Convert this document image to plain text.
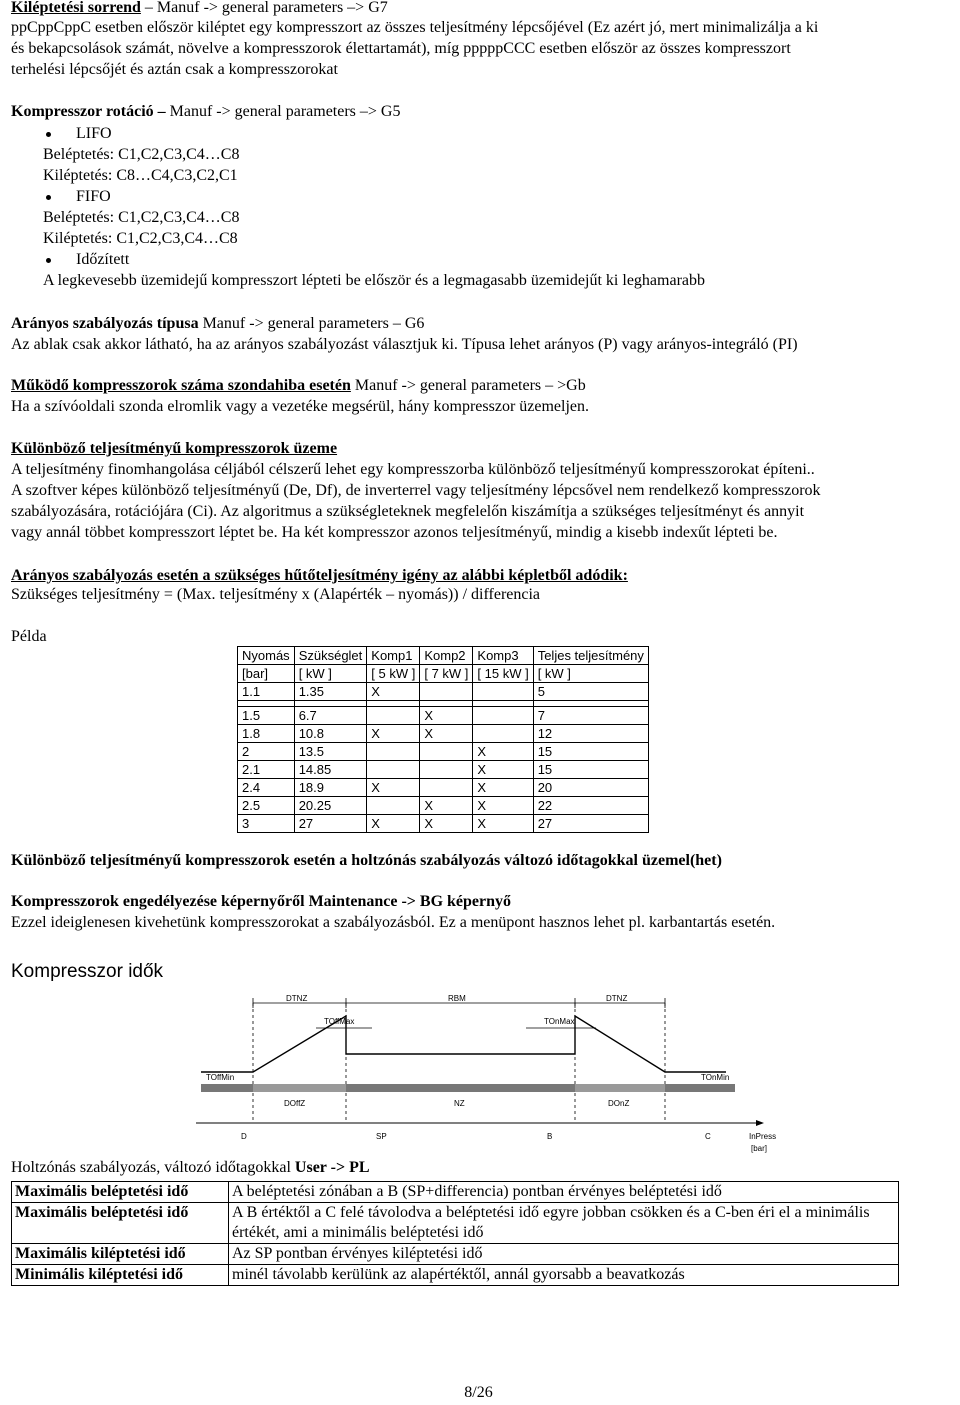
Kiléptetési sorrend – Manuf -> general parameters –> G7
ppCppCppC esetben először kiléptet egy kompresszort az összes teljesítmény lépcsőjével (Ez azért jó, mert minimalizálja a ki
és bekapcsolások számát, növelve a kompresszorok élettartamát), míg pppppCCC esetben először az összes kompresszort
terhelési lépcsőjét és aztán csak a kompresszorokat
Kompresszor rotáció – Manuf -> general parameters –> G5
LIFO
Beléptetés: C1,C2,C3,C4…C8
Kiléptetés: C8…C4,C3,C2,C1
FIFO
Beléptetés: C1,C2,C3,C4…C8
Kiléptetés: C1,C2,C3,C4…C8
Időzített
A legkevesebb üzemidejű kompresszort lépteti be először és a legmagasabb üzemidejűt ki leghamarabb
Arányos szabályozás típusa Manuf -> general parameters – G6
Az ablak csak akkor látható, ha az arányos szabályozást választjuk ki. Típusa lehet arányos (P) vagy arányos-integráló (PI)
Működő kompresszorok száma szondahiba esetén Manuf -> general parameters – >Gb
Ha a szívóoldali szonda elromlik vagy a vezetéke megsérül, hány kompresszor üzemeljen.
Különböző teljesítményű kompresszorok üzeme
A teljesítmény finomhangolása céljából célszerű lehet egy kompresszorba különböző teljesítményű kompresszorokat építeni..
A szoftver képes különböző teljesítményű (De, Df), de inverterrel vagy teljesítmény lépcsővel nem rendelkező kompresszorok
szabályozására, rotációjára (Ci). Az algoritmus a szükségleteknek megfelelőn kiszámítja a szükséges teljesítményt és annyit
vagy annál többet kompresszort léptet be. Ha két kompresszor azonos teljesítményű, mindig a kisebb indexűt lépteti be.
Arányos szabályozás esetén a szükséges hűtőteljesítmény igény az alábbi képletből adódik:
Szükséges teljesítmény = (Max. teljesítmény x (Alapérték – nyomás)) / differencia
Példa
Nyomás	Szükséglet	Komp1	Komp2	Komp3	Teljes teljesítmény
[bar]	[ kW ]	[ 5 kW ]	[ 7 kW ]	[ 15 kW ]	[ kW ]
1.1	1.35	X			5

1.5	6.7		X		7
1.8	10.8	X	X		12
2	13.5			X	15
2.1	14.85			X	15
2.4	18.9	X		X	20
2.5	20.25		X	X	22
3	27	X	X	X	27
Különböző teljesítményű kompresszorok esetén a holtzónás szabályozás változó időtagokkal üzemel(het)
Kompresszorok engedélyezése képernyőről Maintenance -> BG képernyő
Ezzel ideiglenesen kivehetünk kompresszorokat a szabályozásból. Ez a menüpont hasznos lehet pl. karbantartás esetén.
Kompresszor idők
DTNZ	RBM	DTNZ
TOffMax	TOnMax
TOffMin	TOnMin
DOffZ	NZ	DOnZ
D	SP	B	C	InPress
[bar]
Holtzónás szabályozás, változó időtagokkal User -> PL
Maximális beléptetési idő	A beléptetési zónában a B (SP+differencia) pontban érvényes beléptetési idő
Maximális beléptetési idő	A B értéktől a C felé távolodva a beléptetési idő egyre jobban csökken és a C-ben éri el a minimális értékét, ami a minimális beléptetési idő
Maximális kiléptetési idő	Az SP pontban érvényes kiléptetési idő
Minimális kiléptetési idő	minél távolabb kerülünk az alapértéktől, annál gyorsabb a beavatkozás
8/26
